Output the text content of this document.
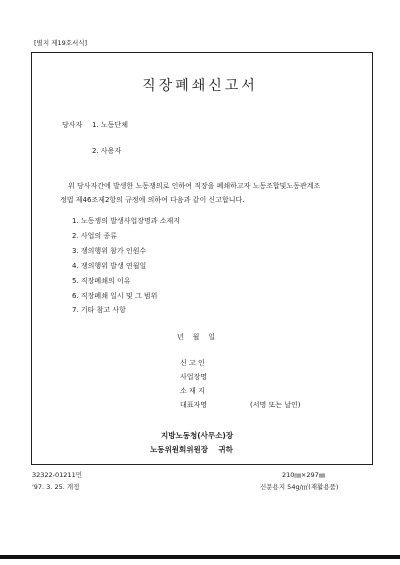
[별지 제19호서식]
직장폐쇄신고서
당사자 1. 노동단체
2. 사용자
위 당사자간에 발생한 노동쟁의로 인하여 직장을 폐쇄하고자 노동조합및노동관계조
정법 제46조제2항의 규정에 의하여 다음과 같이 신고합니다.
1. 노동쟁의 발생사업장명과 소재지
2. 사업의 종류
3. 쟁의행위 참가 인원수
4. 쟁의행위 발생 연월일
5. 직장폐쇄의 이유
6. 직장폐쇄 일시 및 그 범위
7. 기타 참고 사항
년    월    일
신 고 인
사업장명
소 재 지
대표자명	(서명 또는 날인)
지방노동청(사무소)장
노동위원회위원장    귀하
32322-01211민
'97. 3. 25. 개정
210㎜×297㎜
신문용지 54g/㎡(재활용품)
